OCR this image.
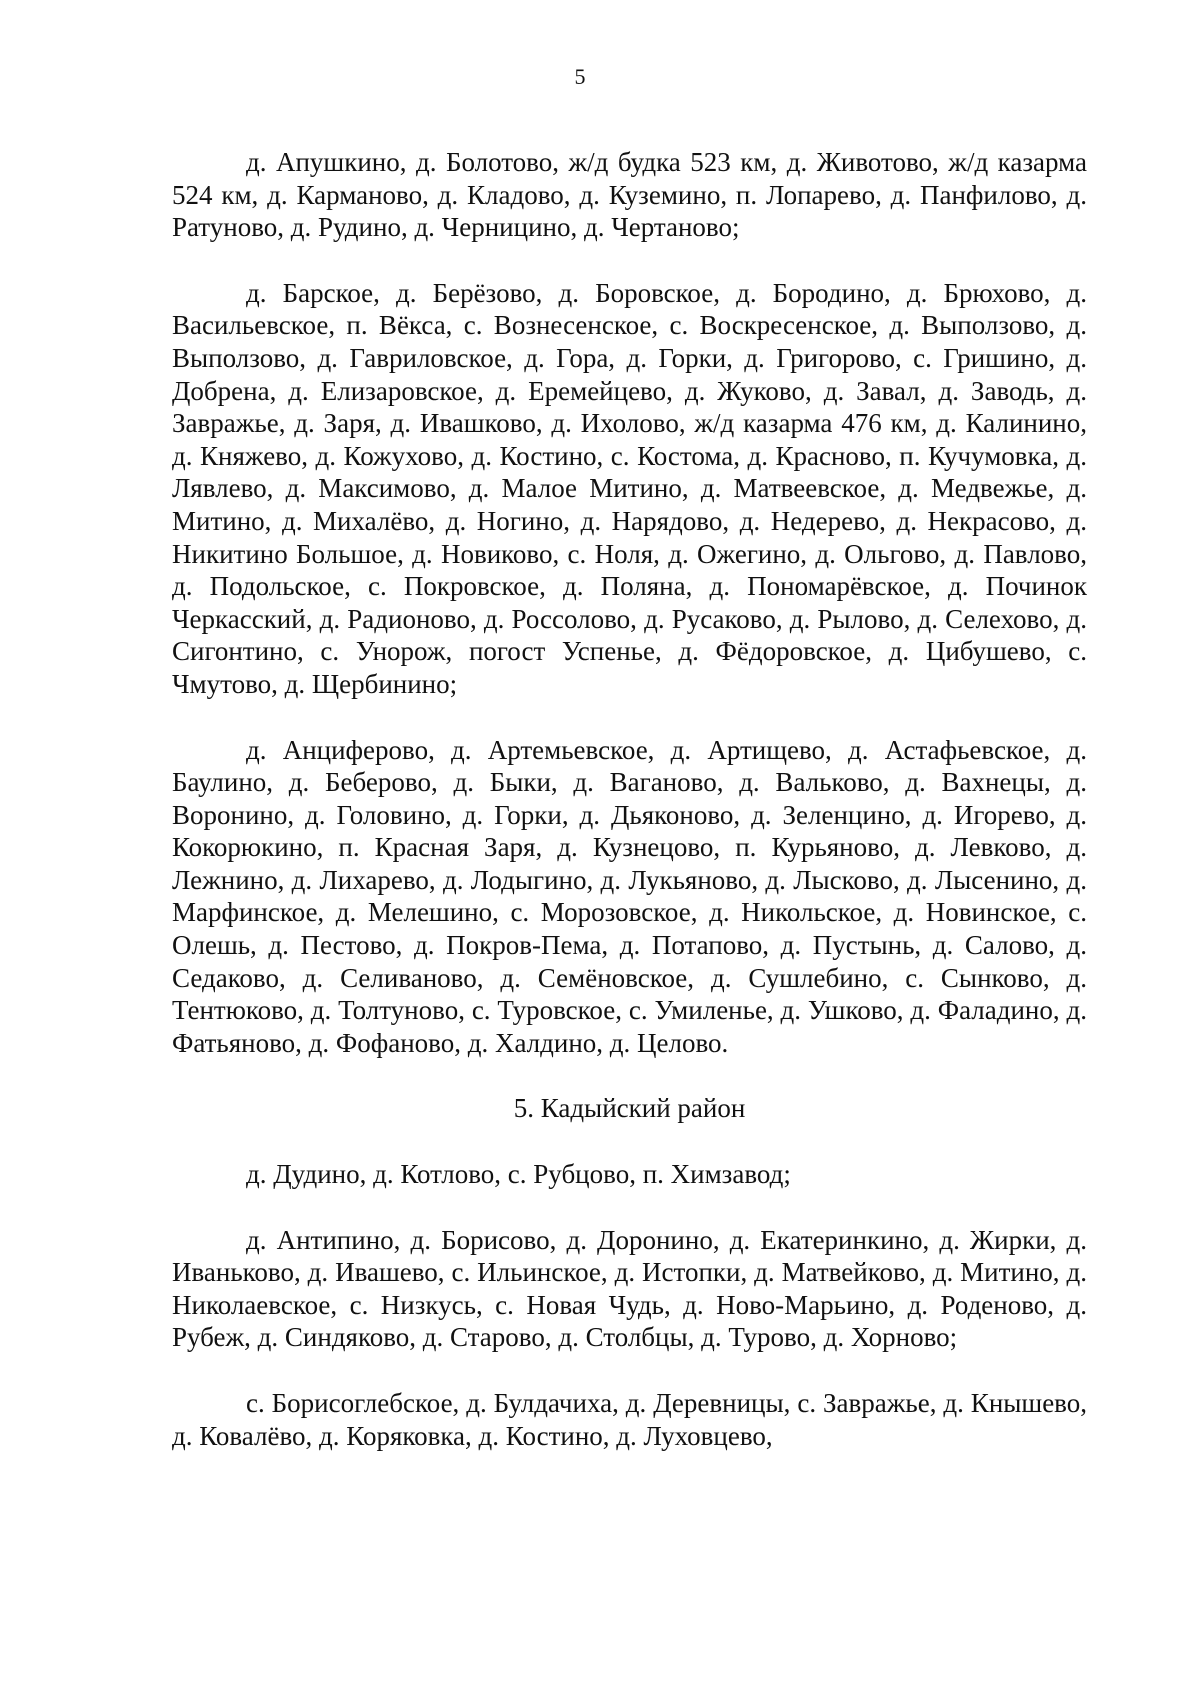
5

д. Апушкино, д. Болотово, ж/д будка 523 км, д. Животово, ж/д казарма 524 км, д. Карманово, д. Кладово, д. Куземино, п. Лопарево, д. Панфилово, д. Ратуново, д. Рудино, д. Черницино, д. Чертаново;

д. Барское, д. Берёзово, д. Боровское, д. Бородино, д. Брюхово, д. Васильевское, п. Вёкса, с. Вознесенское, с. Воскресенское, д. Выползово, д. Выползово, д. Гавриловское, д. Гора, д. Горки, д. Григорово, с. Гришино, д. Добрена, д. Елизаровское, д. Еремейцево, д. Жуково, д. Завал, д. Заводь, д. Завражье, д. Заря, д. Ивашково, д. Ихолово, ж/д казарма 476 км, д. Калинино, д. Княжево, д. Кожухово, д. Костино, с. Костома, д. Красново, п. Кучумовка, д. Лявлево, д. Максимово, д. Малое Митино, д. Матвеевское, д. Медвежье, д. Митино, д. Михалёво, д. Ногино, д. Нарядово, д. Недерево, д. Некрасово, д. Никитино Большое, д. Новиково, с. Ноля, д. Ожегино, д. Ольгово, д. Павлово, д. Подольское, с. Покровское, д. Поляна, д. Пономарёвское, д. Починок Черкасский, д. Радионово, д. Россолово, д. Русаково, д. Рылово, д. Селехово, д. Сигонтино, с. Унорож, погост Успенье, д. Фёдоровское, д. Цибушево, с. Чмутово, д. Щербинино;

д. Анциферово, д. Артемьевское, д. Артищево, д. Астафьевское, д. Баулино, д. Беберово, д. Быки, д. Ваганово, д. Вальково, д. Вахнецы, д. Воронино, д. Головино, д. Горки, д. Дьяконово, д. Зеленцино, д. Игорево, д. Кокорюкино, п. Красная Заря, д. Кузнецово, п. Курьяново, д. Левково, д. Лежнино, д. Лихарево, д. Лодыгино, д. Лукьяново, д. Лысково, д. Лысенино, д. Марфинское, д. Мелешино, с. Морозовское, д. Никольское, д. Новинское, с. Олешь, д. Пестово, д. Покров-Пема, д. Потапово, д. Пустынь, д. Салово, д. Седаково, д. Селиваново, д. Семёновское, д. Сушлебино, с. Сынково, д. Тентюково, д. Толтуново, с. Туровское, с. Умиленье, д. Ушково, д. Фаладино, д. Фатьяново, д. Фофаново, д. Халдино, д. Целово.

5. Кадыйский район

д. Дудино, д. Котлово, с. Рубцово, п. Химзавод;

д. Антипино, д. Борисово, д. Доронино, д. Екатеринкино, д. Жирки, д. Иваньково, д. Ивашево, с. Ильинское, д. Истопки, д. Матвейково, д. Митино, д. Николаевское, с. Низкусь, с. Новая Чудь, д. Ново-Марьино, д. Роденово, д. Рубеж, д. Синдяково, д. Старово, д. Столбцы, д. Турово, д. Хорново;

с. Борисоглебское, д. Булдачиха, д. Деревницы, с. Завражье, д. Кнышево, д. Ковалёво, д. Коряковка, д. Костино, д. Луховцево,
